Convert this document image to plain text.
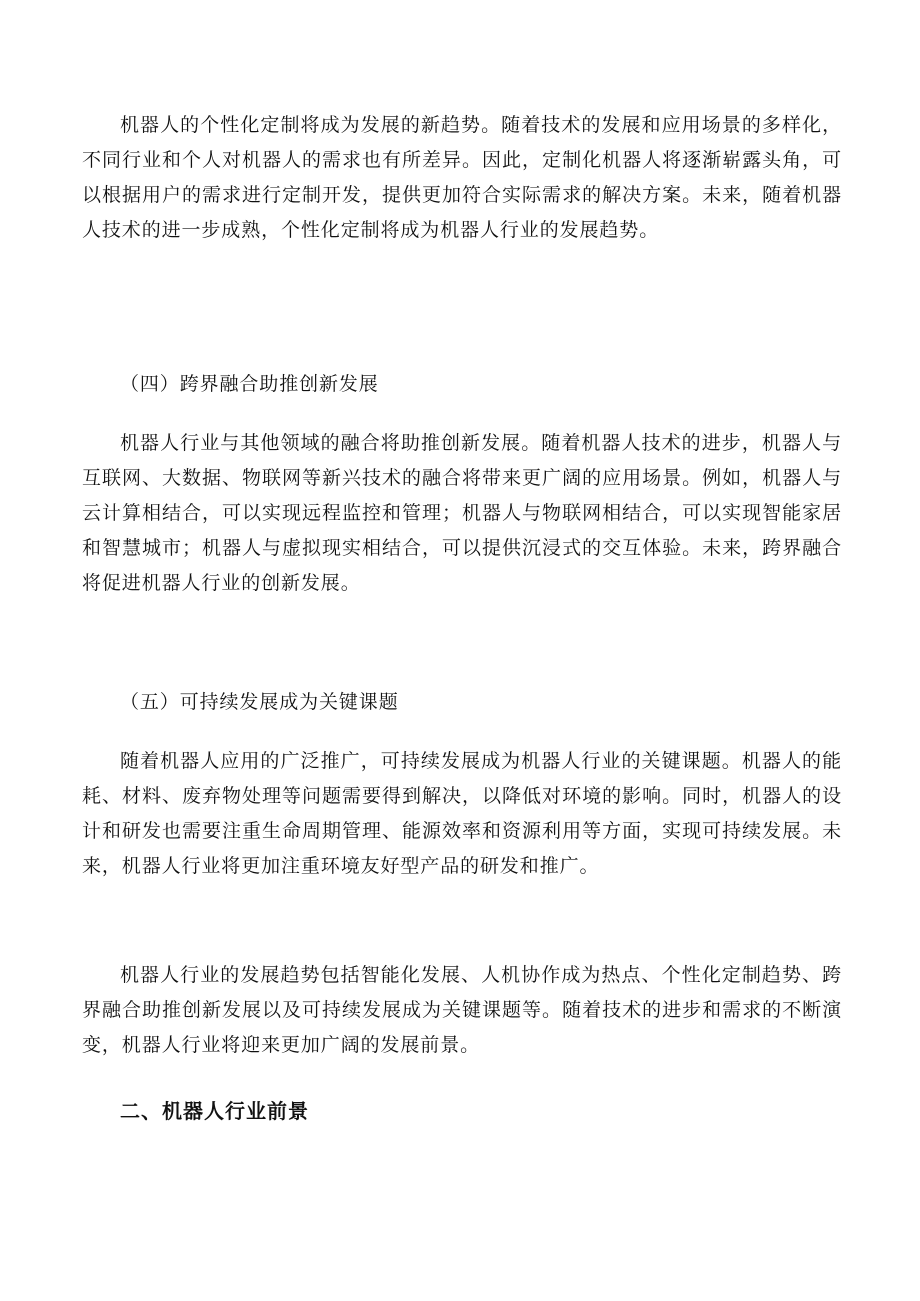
机器人的个性化定制将成为发展的新趋势。随着技术的发展和应用场景的多样化，不同行业和个人对机器人的需求也有所差异。因此，定制化机器人将逐渐崭露头角，可以根据用户的需求进行定制开发，提供更加符合实际需求的解决方案。未来，随着机器人技术的进一步成熟，个性化定制将成为机器人行业的发展趋势。

（四）跨界融合助推创新发展

机器人行业与其他领域的融合将助推创新发展。随着机器人技术的进步，机器人与互联网、大数据、物联网等新兴技术的融合将带来更广阔的应用场景。例如，机器人与云计算相结合，可以实现远程监控和管理；机器人与物联网相结合，可以实现智能家居和智慧城市；机器人与虚拟现实相结合，可以提供沉浸式的交互体验。未来，跨界融合将促进机器人行业的创新发展。

（五）可持续发展成为关键课题

随着机器人应用的广泛推广，可持续发展成为机器人行业的关键课题。机器人的能耗、材料、废弃物处理等问题需要得到解决，以降低对环境的影响。同时，机器人的设计和研发也需要注重生命周期管理、能源效率和资源利用等方面，实现可持续发展。未来，机器人行业将更加注重环境友好型产品的研发和推广。

机器人行业的发展趋势包括智能化发展、人机协作成为热点、个性化定制趋势、跨界融合助推创新发展以及可持续发展成为关键课题等。随着技术的进步和需求的不断演变，机器人行业将迎来更加广阔的发展前景。

二、机器人行业前景
